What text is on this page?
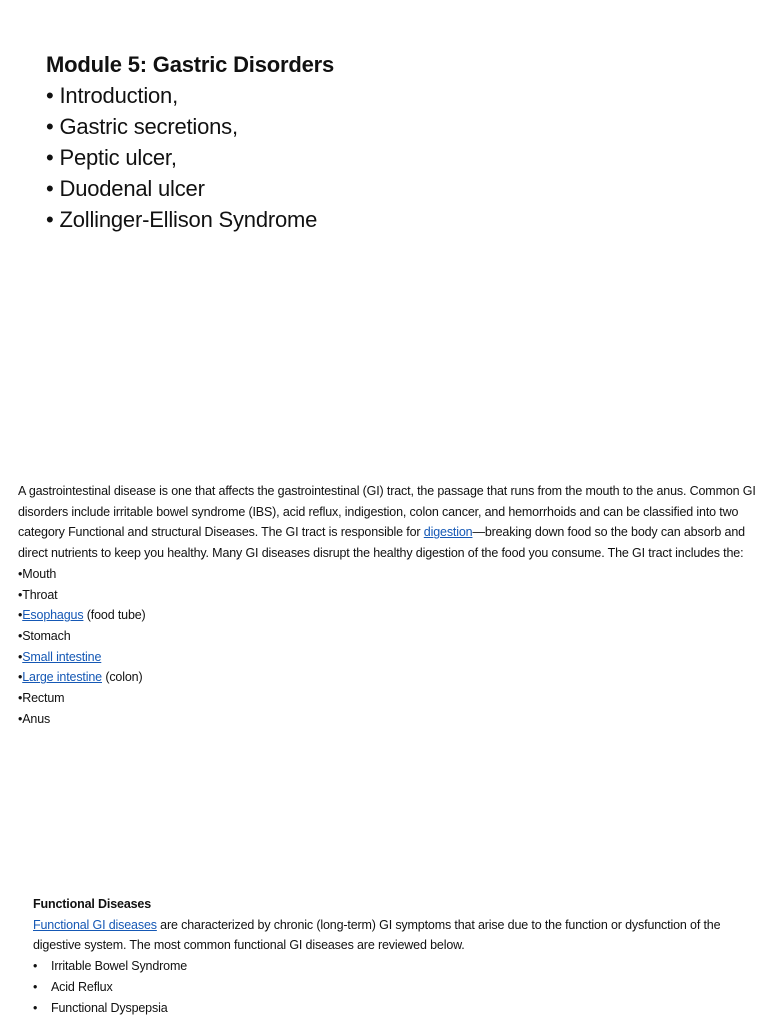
Module 5: Gastric Disorders
• Introduction,
• Gastric secretions,
• Peptic ulcer,
• Duodenal ulcer
• Zollinger-Ellison Syndrome

A gastrointestinal disease is one that affects the gastrointestinal (GI) tract, the passage that runs from the mouth to the anus. Common GI disorders include irritable bowel syndrome (IBS), acid reflux, indigestion, colon cancer, and hemorrhoids and can be classified into two category Functional and structural Diseases. The GI tract is responsible for digestion—breaking down food so the body can absorb and direct nutrients to keep you healthy. Many GI diseases disrupt the healthy digestion of the food you consume. The GI tract includes the:

•Mouth
•Throat
•Esophagus (food tube)
•Stomach
•Small intestine
•Large intestine (colon)
•Rectum
•Anus
Functional Diseases

Functional GI diseases are characterized by chronic (long-term) GI symptoms that arise due to the function or dysfunction of the digestive system. The most common functional GI diseases are reviewed below.

•	Irritable Bowel Syndrome
•	Acid Reflux
•	Functional Dyspepsia
